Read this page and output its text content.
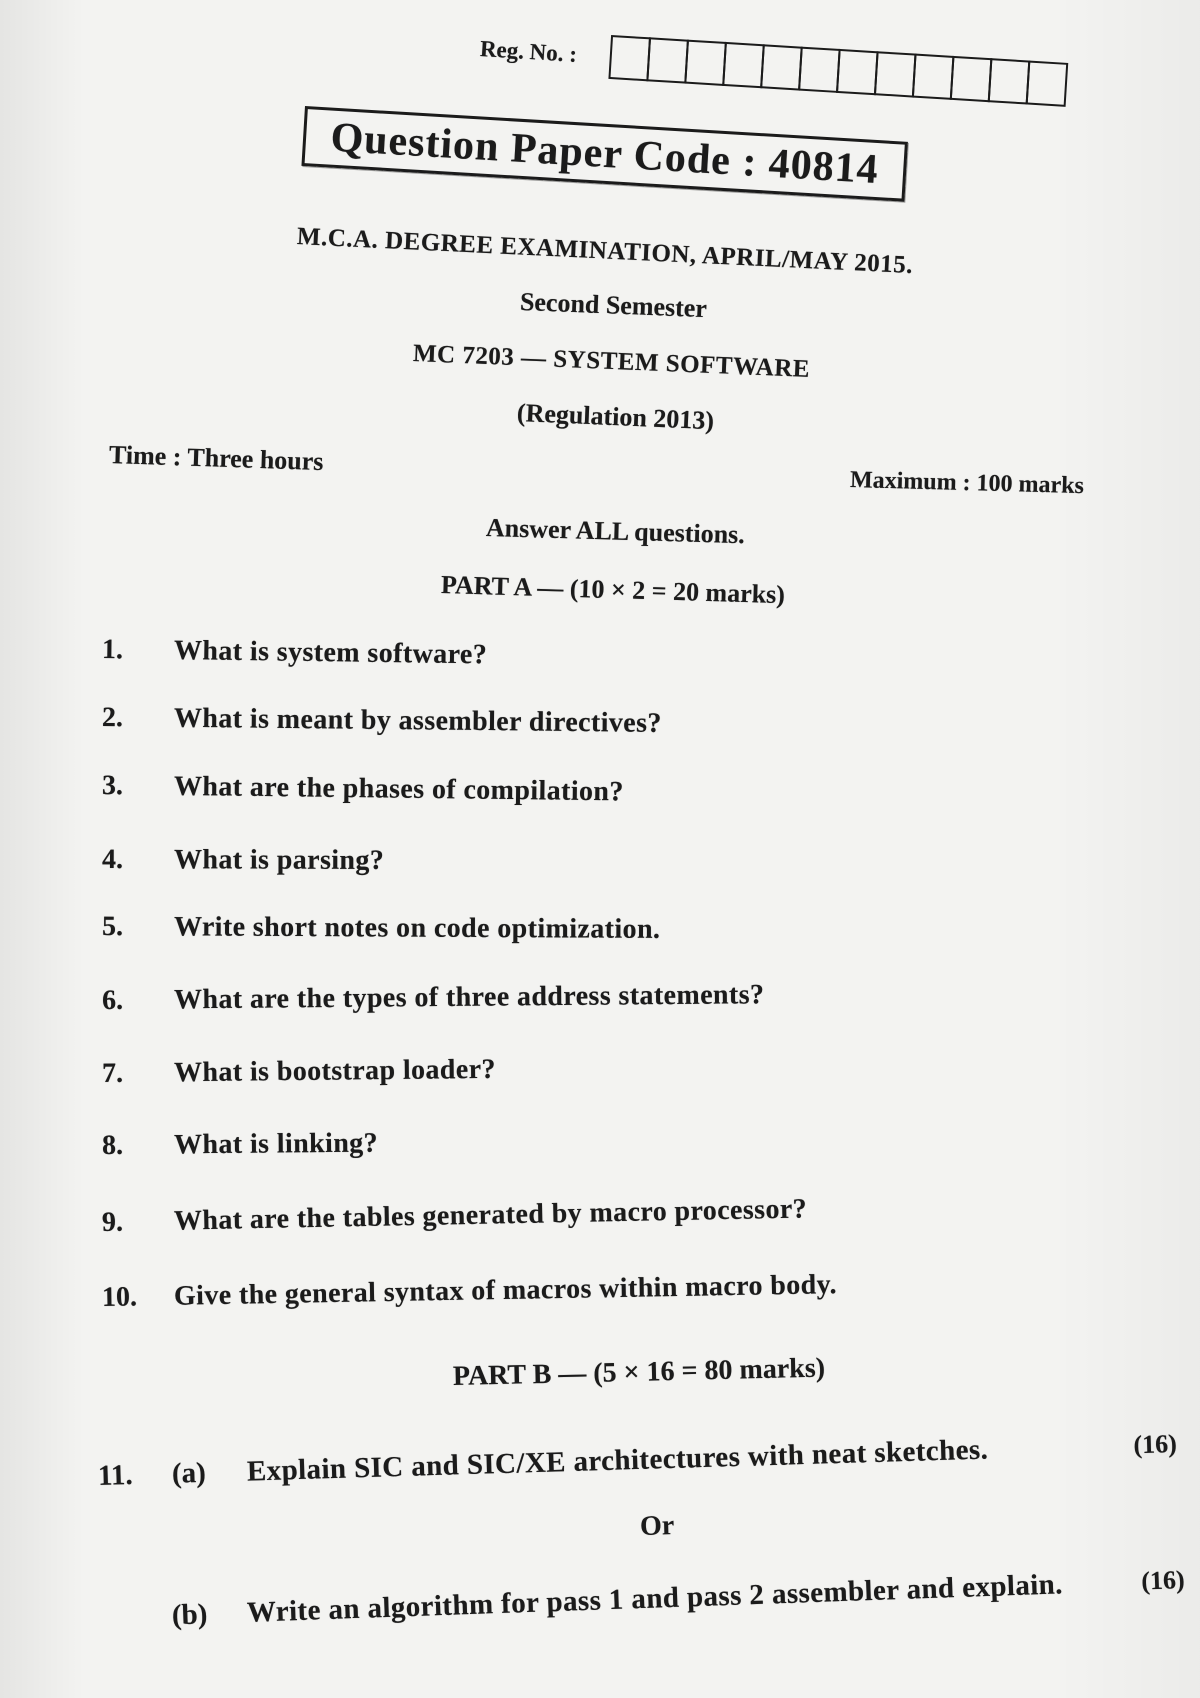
Reg. No. :
Question Paper Code : 40814
M.C.A. DEGREE EXAMINATION, APRIL/MAY 2015.
Second Semester
MC 7203 — SYSTEM SOFTWARE
(Regulation 2013)
Time : Three hours
Maximum : 100 marks
Answer ALL questions.
PART A — (10 × 2 = 20 marks)
1. What is system software?
2. What is meant by assembler directives?
3. What are the phases of compilation?
4. What is parsing?
5. Write short notes on code optimization.
6. What are the types of three address statements?
7. What is bootstrap loader?
8. What is linking?
9. What are the tables generated by macro processor?
10. Give the general syntax of macros within macro body.
PART B — (5 × 16 = 80 marks)
11. (a) Explain SIC and SIC/XE architectures with neat sketches.	(16)
Or
(b) Write an algorithm for pass 1 and pass 2 assembler and explain.	(16)
